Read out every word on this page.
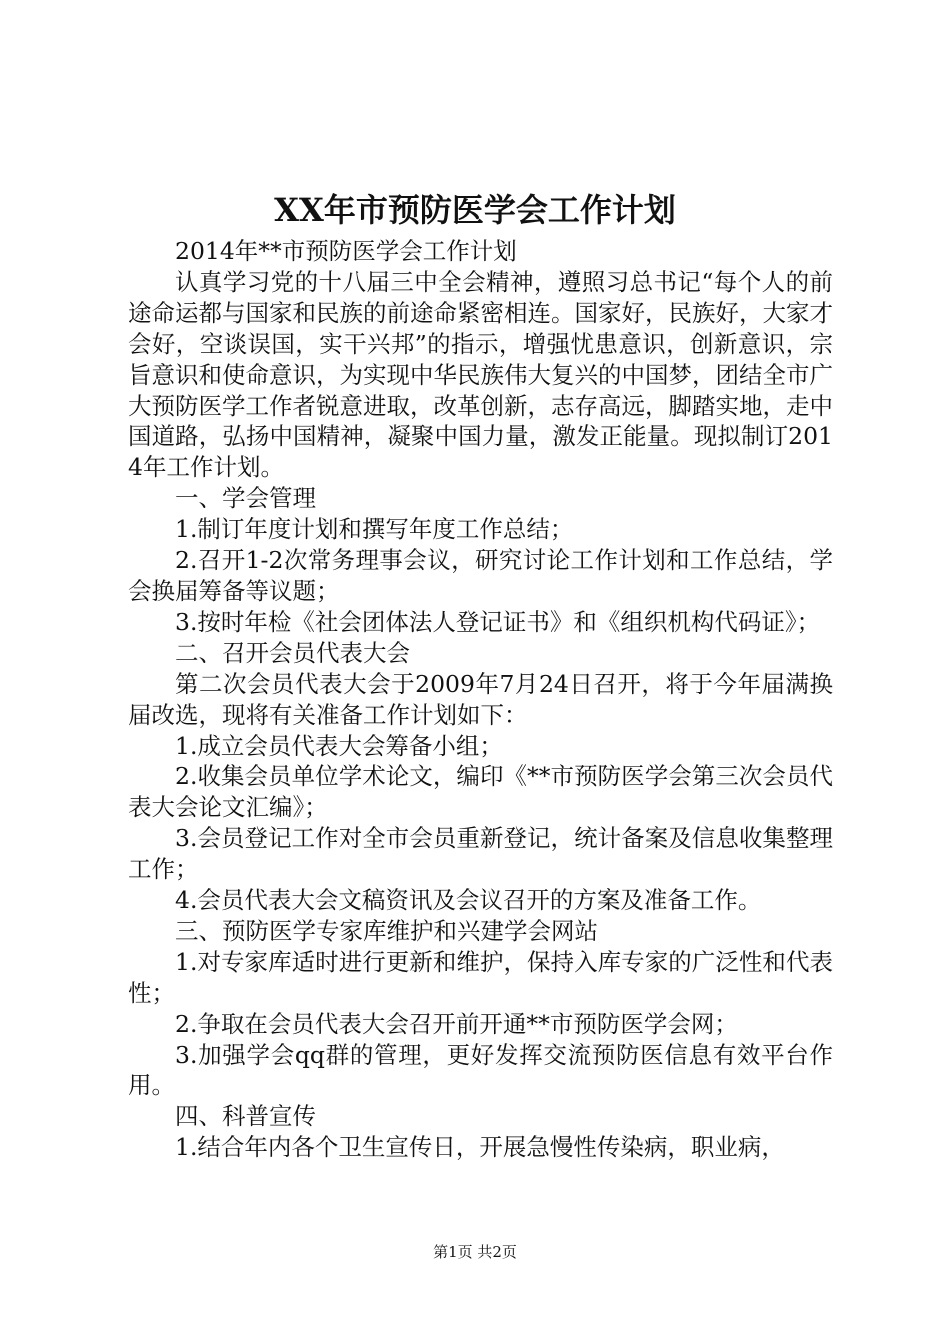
XX年市预防医学会工作计划

2014年**市预防医学会工作计划

认真学习党的十八届三中全会精神，遵照习总书记“每个人的前途命运都与国家和民族的前途命紧密相连。国家好，民族好，大家才会好，空谈误国，实干兴邦”的指示，增强忧患意识，创新意识，宗旨意识和使命意识，为实现中华民族伟大复兴的中国梦，团结全市广大预防医学工作者锐意进取，改革创新，志存高远，脚踏实地，走中国道路，弘扬中国精神，凝聚中国力量，激发正能量。现拟制订2014年工作计划。

一、学会管理

1.制订年度计划和撰写年度工作总结；

2.召开1-2次常务理事会议，研究讨论工作计划和工作总结，学会换届筹备等议题；

3.按时年检《社会团体法人登记证书》和《组织机构代码证》；

二、召开会员代表大会

第二次会员代表大会于2009年7月24日召开，将于今年届满换届改选，现将有关准备工作计划如下：

1.成立会员代表大会筹备小组；

2.收集会员单位学术论文，编印《**市预防医学会第三次会员代表大会论文汇编》；

3.会员登记工作对全市会员重新登记，统计备案及信息收集整理工作；

4.会员代表大会文稿资讯及会议召开的方案及准备工作。

三、预防医学专家库维护和兴建学会网站

1.对专家库适时进行更新和维护，保持入库专家的广泛性和代表性；

2.争取在会员代表大会召开前开通**市预防医学会网；

3.加强学会qq群的管理，更好发挥交流预防医信息有效平台作用。

四、科普宣传

1.结合年内各个卫生宣传日，开展急慢性传染病，职业病，

第1页 共2页
